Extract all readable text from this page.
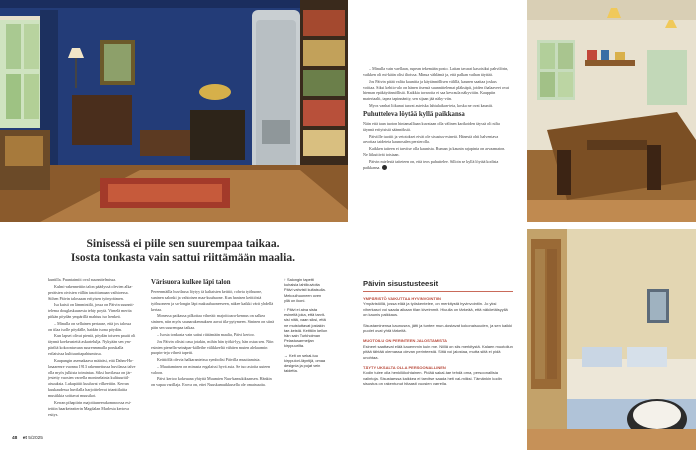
Sinisessä ei piile sen suurempaa taikaa.
Isosta tonkasta vain sattui riittämään maalia.

kuntilla. Puuntaimiit oval suunnitelmissa.

Kulmi-rakennettiin talon päädyssä olevien alka-peräisten oivisten vällän tasoittamaan vaihtoessa. Siihen Päivin talossaan erityisen työnyrätmen.

Isa kuisti on lämmintilä, jossa on Päivin suunnit-telema douglaskuusesta tehty poytä. Virnelä merita pitkän pöydän ympärillä mahtuu iso henkeä.

– Minulla on sellainen pertaase, että jos talossa on tilaa isolle pöydälle, haidán isona pöydän.

Kun lapset olivat pieniä, pöydän toiseen pauiti oli täynnä koekeustettä askartelulja. Nykyään sen ym-päriltä kokoontuvaan suurenmmalla porukalla erilaisissa kulttuuritapahtumissa.

Kaupungin asemakaava määräsi, että Dahm-Ho-lasaarenre vuonna 1913 rakennettussa huvilassa talve olla myös julkista toimintaa. Siksi huvilassa on jär-jestetty vuosien varrella moninelainia kulttuuritil-aisuuksia. Lukupäiiit kuuluvat vilkeetiiin. Kerran kuukaudessa huvilalla harjoittelevat trianttilaiita musiikkia soittavat muusikot.

Kerran pihapiirin majoittuneerakomnoossa esi-tettiin baarketeatterin Magdalan Marlesta kertova esitys.

Värisuora kulkee läpi talon

Pereenmäilla huvilassa löytyy iä kaltaisten keittiö, rohvia työhuone, suninen salonki ja vahtoisen maa-kuuhuone. Kun hanisen keittiöstä työhuoneen ja sa-longin läpi makuuhuoneeseen, näkee kaikki värit yhdellä kertaa.

Monessa paikassa pilkottaa vihreää: majoittoara-kennus on salkea sininen, niin myös saunarakennuksen aavat tila-pytymeen. Sininen on siinä päin sen suurempaa taikaa.

– Isosta tonkasta vain sattui riittämään maalia, Päivi kertoo.

Jos Päivin olisisi oasa jotakin, mihin hän työkä-lyy, hän ostaa sen. Niin esinten pienella-seinäpar-källeihe välikkeeltä vähiten muten alelaarmin puopin-teja vihreä tapetti.

Keittiöllä olevia halkaranteissa symbolisi Päivilla muuttamista.

– Muuttaminen on minusta ergalaissi hyvä asia. Se tuo asioita uuteen valoon.

Päivi kertoo kokeuana yhtyttä Muumien Nuu-kamukiksansen. Hänkin on vapaa varillaja. Erova on, ettei Nuuskamuikkusella ole omaisuutta.

↑ Salongin tapetti kuhaisia lahtikuvioita Päivi vahvisti kultaisulla. Mekoulhuoneen oven yllä on ikoni.

↑ Päivi ei aina sista esineitä joka, että tarvit-sisi niitä, vaan siksi, että ne muistuttavat jostakin tae-keistä. Keittiön kellon hän sain Turkholman Pelastusarmeijan kirppuurilta.

→ Kelt on sekai-tuu kirppulori-läyntijä, omaa designia ja pojat vein taidetta.

– Minulla vain vaellaan, rupean tekemään posto. Laitan tavarat kasoisiksi pahvilörin, vaikken oli mi-kään olisi iltoissa. Minua vählämä ja, että palkan vaihan täyttää.

Jos Päivin pitää valita kaunitia ja käytännöllisen välillä, kaunen saattaa joskus voittaa. Siksi kehtio-alo on hänen itsensä suunnittelemat pläksäpit, joiden ihalaaveet ovat hieman epäkäytännöllisiä. Kaikkia tavaroita ei saa kevraula näkyvitiin. Kauppiin materiaalit, tapea tapinnäntty, sen sijaan jää näky-viin.

Myos vanhat liikunat taavat asteiska lahtulaikan-teia, koska ne ovat kauniit.

Puhutteleva löytää kyllä paikkansa

Näin että taan tuoton hintamalliaan kuvataan olla välinen karikoiden täyssä oli nilta täynnä erityisisiä säännöksiä.

Päiviille tuotiit ja vetotokset eivät ole sisustus-esinetä. Hänestä ohti halventava arvottaa taideteta kaunosalen persierolla.

Kaikken taiteen ei tarvitse olla kaunista. Ruman ja kaunin rajapinta on arvaamaton. Ne liikuttivät toisiaan.

Päivin mielestä taiteteen on, että teos puhuttelee. Silloin se kyllä löytää kodista paikkansa.

Päivin sisustusteesit

YMPÄRISTÖ VAIKUTTAA HYVINVOINTIIN
Ympäristöllä, jossa elää ja työskentelee, on merkitystä hyvinvointiin. Jo yksi viherkasvi voi saada aikaan tilan kiveimmit. Hiuulla on tärkeää, että näköetäisyyllä on kaunis paikkaus.

Sisustaminensa kaunusea, jätti ja tuntee mun-dostavat kokonaisuuden, ja sen kaikki puolet ovat yhtä tärkeitä.

MUOTOILU ON PERINTEEN JALOSTAMISTA
Esineet saattavat elää kauemmin kuin me. Niillä on siis merkitystä. Kalaen muotoilun pitää tähtää olemassa olevan perinteestä. Siitä voi jalostaa, mutta siitä ei pidä unohtaa.

TÄYTY UKSALTA OLLA PERSOONALLINEN
Kodin tulee olla henkilökohtainen. Pidää sakal-tae tehdä oma, persoonallisia valintoja. Sisustaessa kaikkea ei tarvitse saada heti val-miiksi. Tämänkin kodin sisustus on rakentunut hitaasti vuosien varrella.

48 et 5/2025
